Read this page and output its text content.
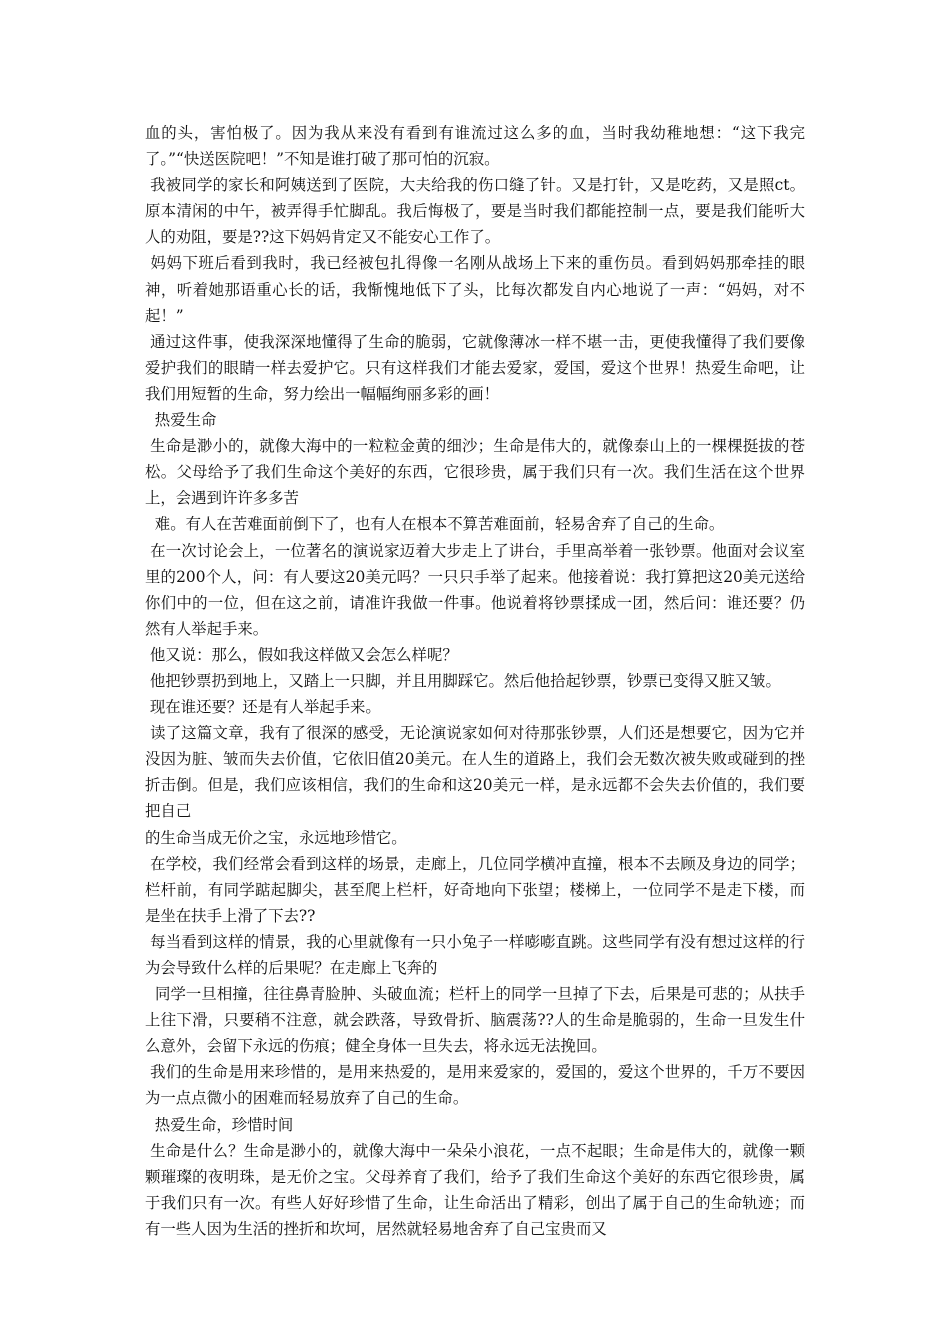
血的头，害怕极了。因为我从来没有看到有谁流过这么多的血，当时我幼稚地想：“这下我完了。”“快送医院吧！”不知是谁打破了那可怕的沉寂。

我被同学的家长和阿姨送到了医院，大夫给我的伤口缝了针。又是打针，又是吃药，又是照ct。原本清闲的中午，被弄得手忙脚乱。我后悔极了，要是当时我们都能控制一点，要是我们能听大人的劝阻，要是??这下妈妈肯定又不能安心工作了。

妈妈下班后看到我时，我已经被包扎得像一名刚从战场上下来的重伤员。看到妈妈那牵挂的眼神，听着她那语重心长的话，我惭愧地低下了头，比每次都发自内心地说了一声：“妈妈，对不起！”

通过这件事，使我深深地懂得了生命的脆弱，它就像薄冰一样不堪一击，更使我懂得了我们要像爱护我们的眼睛一样去爱护它。只有这样我们才能去爱家，爱国，爱这个世界！热爱生命吧，让我们用短暂的生命，努力绘出一幅幅绚丽多彩的画！

热爱生命

生命是渺小的，就像大海中的一粒粒金黄的细沙；生命是伟大的，就像泰山上的一棵棵挺拔的苍松。父母给予了我们生命这个美好的东西，它很珍贵，属于我们只有一次。我们生活在这个世界上，会遇到许许多多苦

难。有人在苦难面前倒下了，也有人在根本不算苦难面前，轻易舍弃了自己的生命。

在一次讨论会上，一位著名的演说家迈着大步走上了讲台，手里高举着一张钞票。他面对会议室里的200个人，问：有人要这20美元吗？一只只手举了起来。他接着说：我打算把这20美元送给你们中的一位，但在这之前，请准许我做一件事。他说着将钞票揉成一团，然后问：谁还要？仍然有人举起手来。

他又说：那么，假如我这样做又会怎么样呢？

他把钞票扔到地上，又踏上一只脚，并且用脚踩它。然后他拾起钞票，钞票已变得又脏又皱。

现在谁还要？还是有人举起手来。

读了这篇文章，我有了很深的感受，无论演说家如何对待那张钞票，人们还是想要它，因为它并没因为脏、皱而失去价值，它依旧值20美元。在人生的道路上，我们会无数次被失败或碰到的挫折击倒。但是，我们应该相信，我们的生命和这20美元一样，是永远都不会失去价值的，我们要把自己

的生命当成无价之宝，永远地珍惜它。

在学校，我们经常会看到这样的场景，走廊上，几位同学横冲直撞，根本不去顾及身边的同学；栏杆前，有同学踮起脚尖，甚至爬上栏杆，好奇地向下张望；楼梯上，一位同学不是走下楼，而是坐在扶手上滑了下去??

每当看到这样的情景，我的心里就像有一只小兔子一样嘭嘭直跳。这些同学有没有想过这样的行为会导致什么样的后果呢？在走廊上飞奔的

同学一旦相撞，往往鼻青脸肿、头破血流；栏杆上的同学一旦掉了下去，后果是可悲的；从扶手上往下滑，只要稍不注意，就会跌落，导致骨折、脑震荡??人的生命是脆弱的，生命一旦发生什么意外，会留下永远的伤痕；健全身体一旦失去，将永远无法挽回。

我们的生命是用来珍惜的，是用来热爱的，是用来爱家的，爱国的，爱这个世界的，千万不要因为一点点微小的困难而轻易放弃了自己的生命。

热爱生命，珍惜时间

生命是什么？生命是渺小的，就像大海中一朵朵小浪花，一点不起眼；生命是伟大的，就像一颗颗璀璨的夜明珠，是无价之宝。父母养育了我们，给予了我们生命这个美好的东西它很珍贵，属于我们只有一次。有些人好好珍惜了生命，让生命活出了精彩，创出了属于自己的生命轨迹；而有一些人因为生活的挫折和坎坷，居然就轻易地舍弃了自己宝贵而又
